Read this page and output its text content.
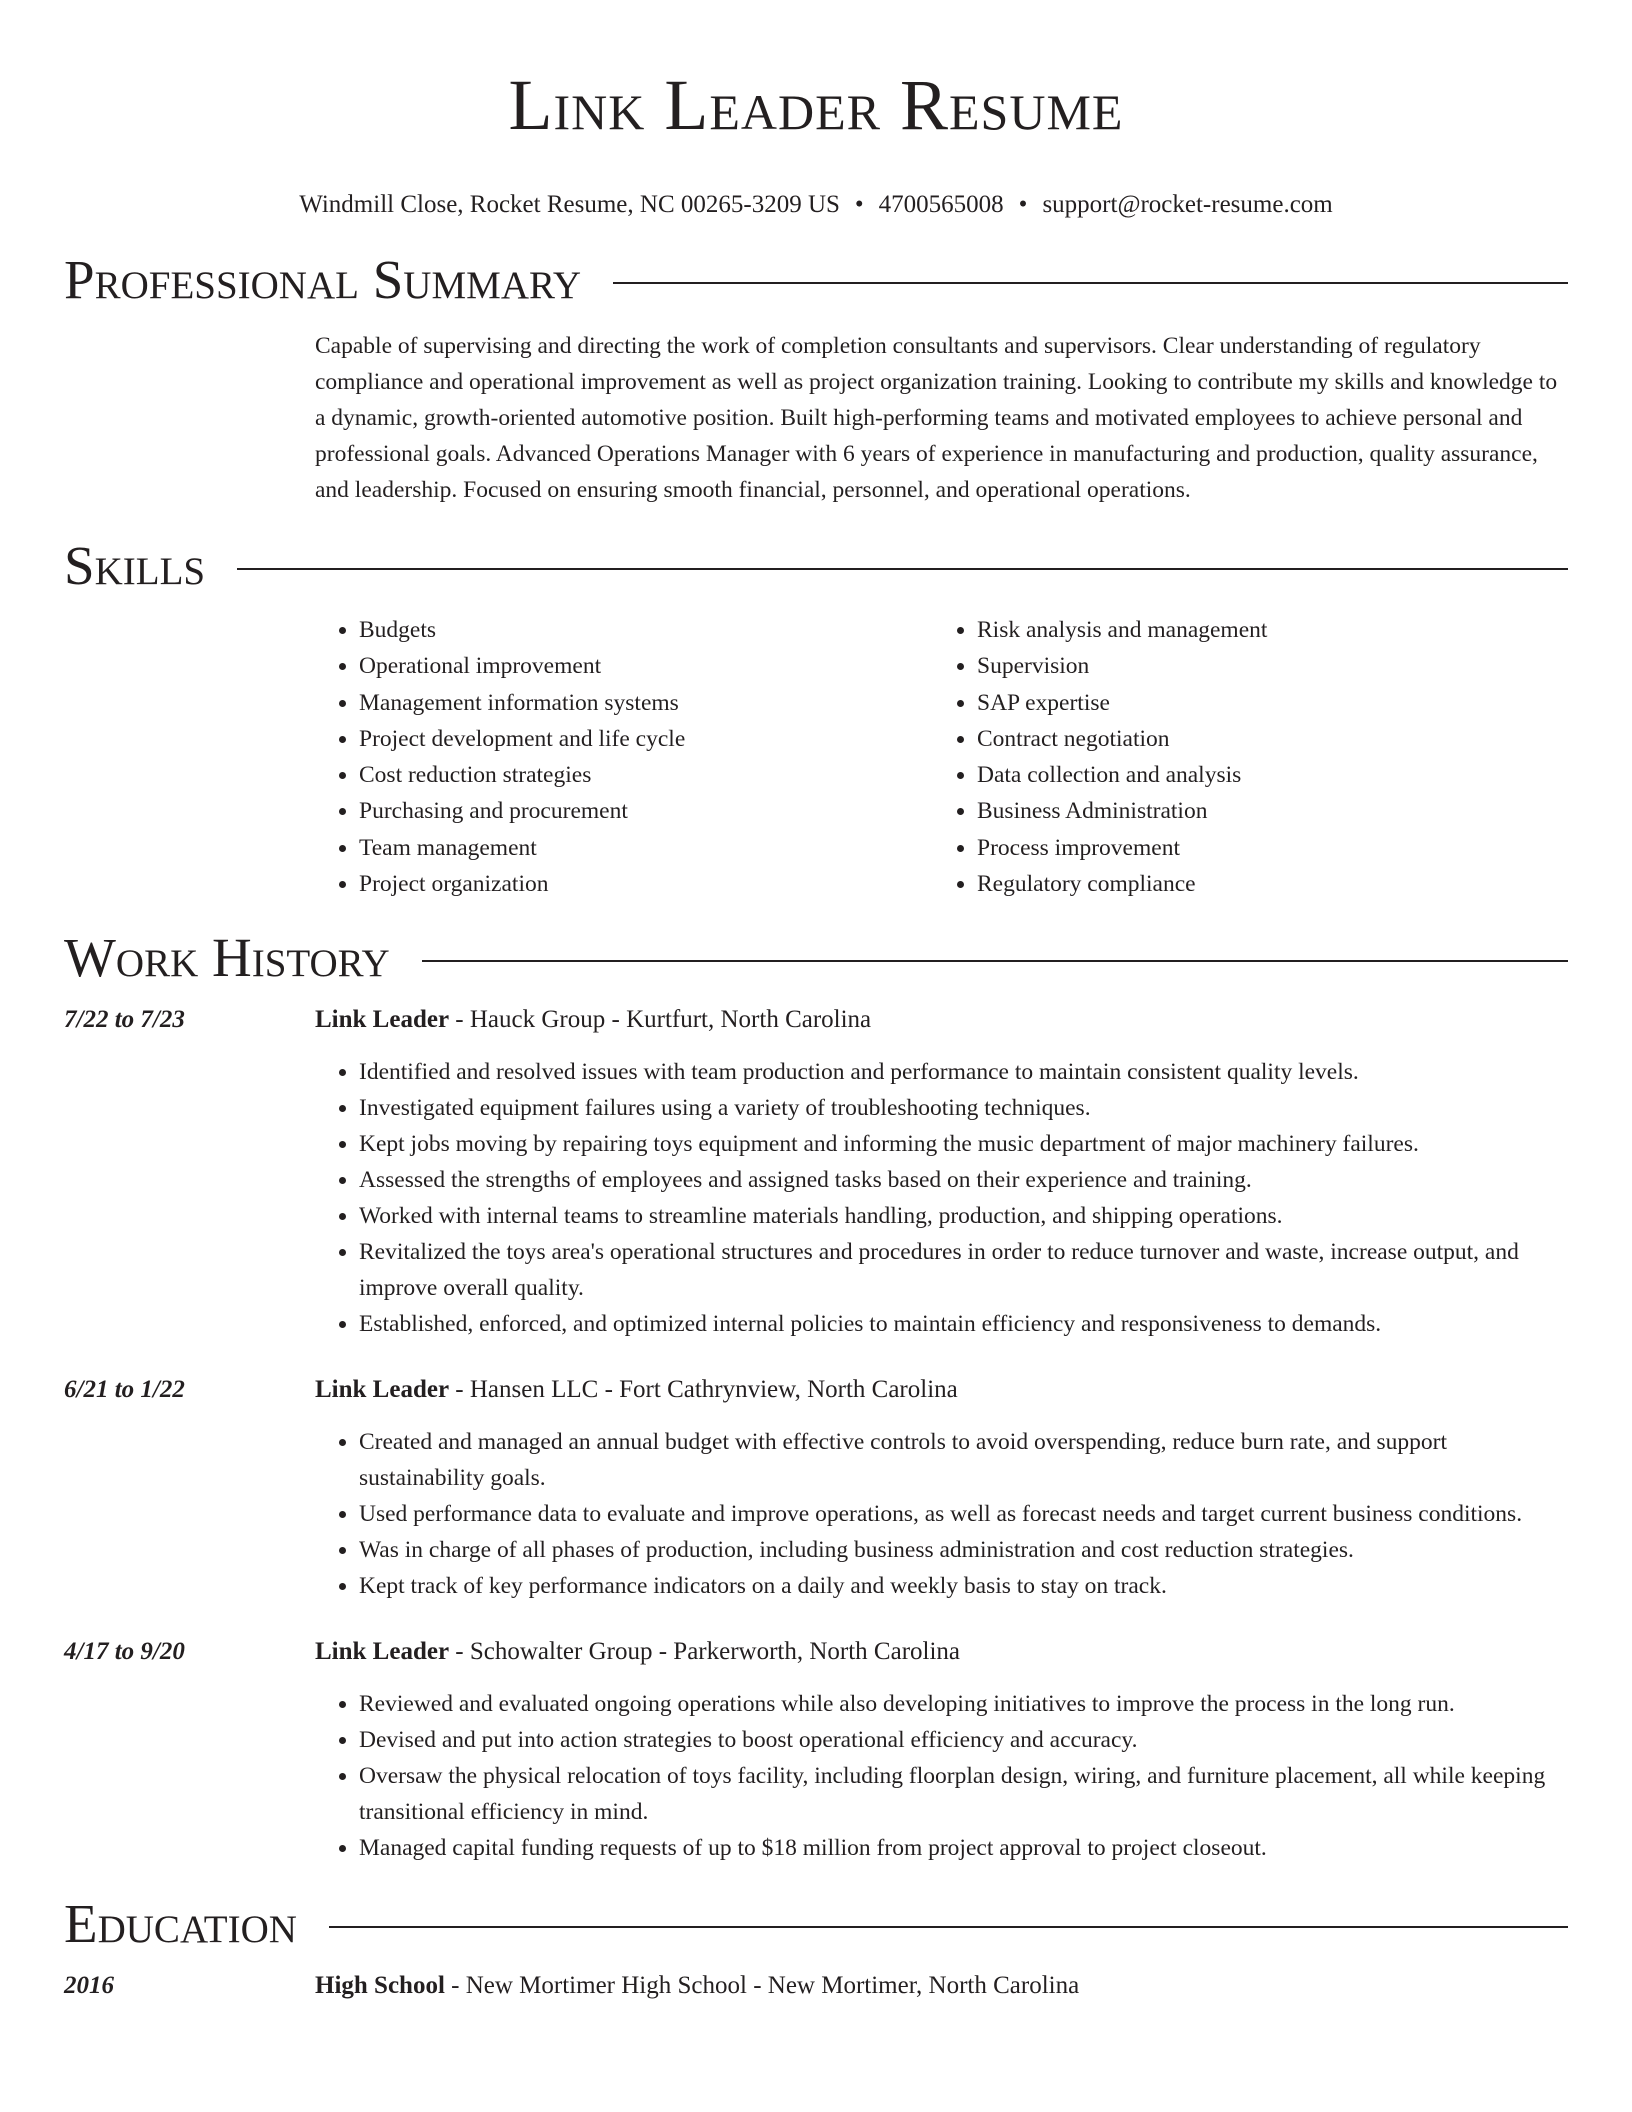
Link Leader Resume
Windmill Close, Rocket Resume, NC 00265-3209 US • 4700565008 • support@rocket-resume.com
Professional Summary
Capable of supervising and directing the work of completion consultants and supervisors. Clear understanding of regulatory compliance and operational improvement as well as project organization training. Looking to contribute my skills and knowledge to a dynamic, growth-oriented automotive position. Built high-performing teams and motivated employees to achieve personal and professional goals. Advanced Operations Manager with 6 years of experience in manufacturing and production, quality assurance, and leadership. Focused on ensuring smooth financial, personnel, and operational operations.
Skills
• Budgets
• Operational improvement
• Management information systems
• Project development and life cycle
• Cost reduction strategies
• Purchasing and procurement
• Team management
• Project organization
• Risk analysis and management
• Supervision
• SAP expertise
• Contract negotiation
• Data collection and analysis
• Business Administration
• Process improvement
• Regulatory compliance
Work History
7/22 to 7/23	Link Leader - Hauck Group - Kurtfurt, North Carolina
• Identified and resolved issues with team production and performance to maintain consistent quality levels.
• Investigated equipment failures using a variety of troubleshooting techniques.
• Kept jobs moving by repairing toys equipment and informing the music department of major machinery failures.
• Assessed the strengths of employees and assigned tasks based on their experience and training.
• Worked with internal teams to streamline materials handling, production, and shipping operations.
• Revitalized the toys area's operational structures and procedures in order to reduce turnover and waste, increase output, and improve overall quality.
• Established, enforced, and optimized internal policies to maintain efficiency and responsiveness to demands.
6/21 to 1/22	Link Leader - Hansen LLC - Fort Cathrynview, North Carolina
• Created and managed an annual budget with effective controls to avoid overspending, reduce burn rate, and support sustainability goals.
• Used performance data to evaluate and improve operations, as well as forecast needs and target current business conditions.
• Was in charge of all phases of production, including business administration and cost reduction strategies.
• Kept track of key performance indicators on a daily and weekly basis to stay on track.
4/17 to 9/20	Link Leader - Schowalter Group - Parkerworth, North Carolina
• Reviewed and evaluated ongoing operations while also developing initiatives to improve the process in the long run.
• Devised and put into action strategies to boost operational efficiency and accuracy.
• Oversaw the physical relocation of toys facility, including floorplan design, wiring, and furniture placement, all while keeping transitional efficiency in mind.
• Managed capital funding requests of up to $18 million from project approval to project closeout.
Education
2016	High School - New Mortimer High School - New Mortimer, North Carolina
